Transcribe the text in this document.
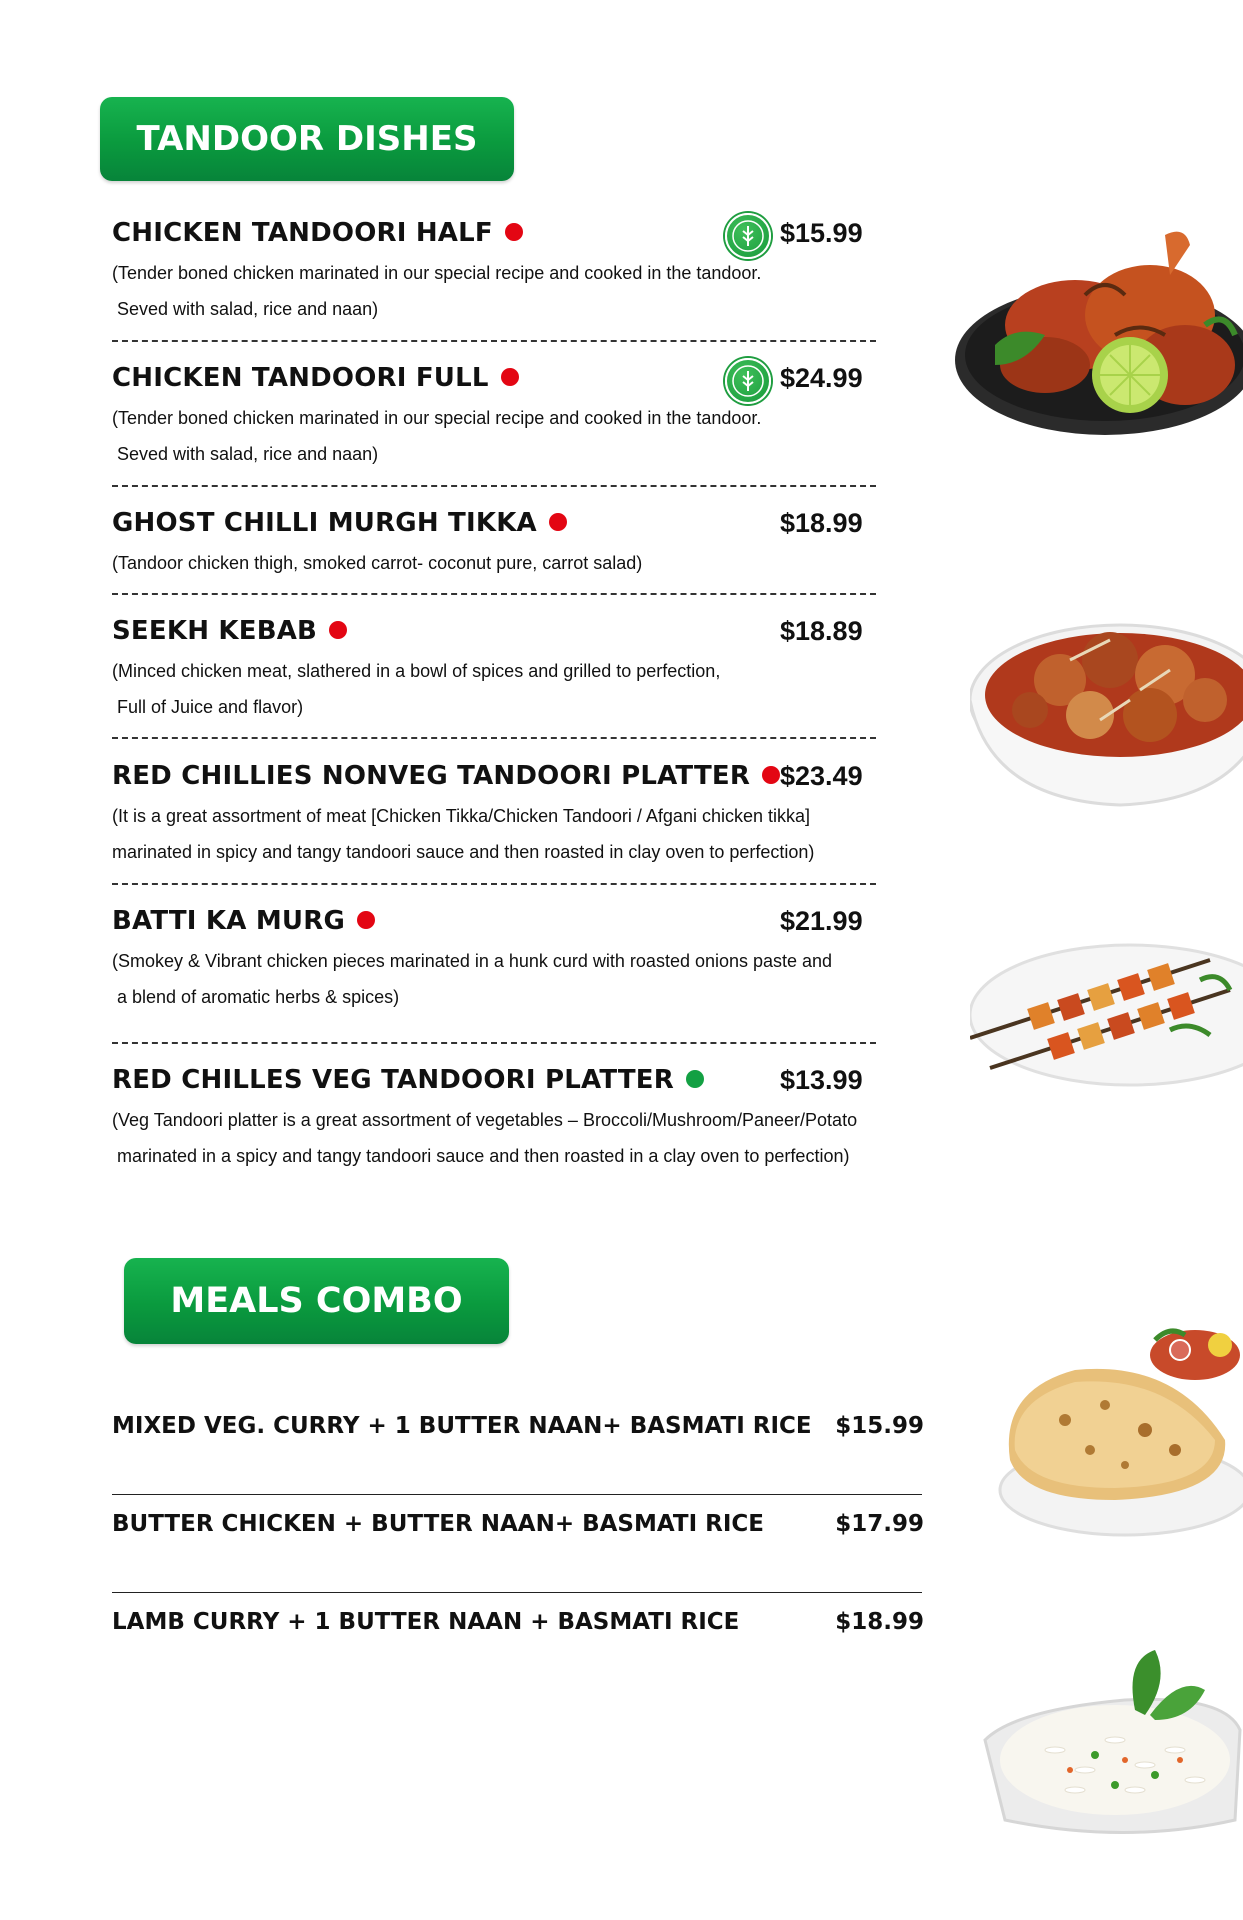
TANDOOR DISHES
CHICKEN TANDOORI HALF	$15.99
(Tender boned chicken marinated in our special recipe and cooked in the tandoor.
Seved with salad, rice and naan)
CHICKEN TANDOORI FULL	$24.99
(Tender boned chicken marinated in our special recipe and cooked in the tandoor.
Seved with salad, rice and naan)
GHOST CHILLI MURGH TIKKA	$18.99
(Tandoor chicken thigh, smoked carrot- coconut pure, carrot salad)
SEEKH KEBAB	$18.89
(Minced chicken meat, slathered in a bowl of spices and grilled to perfection,
Full of Juice and flavor)
RED CHILLIES NONVEG TANDOORI PLATTER	$23.49
(It is a great assortment of meat [Chicken Tikka/Chicken Tandoori / Afgani chicken tikka]
marinated in spicy and tangy tandoori sauce and then roasted in clay oven to perfection)
BATTI KA MURG	$21.99
(Smokey & Vibrant chicken pieces marinated in a hunk curd with roasted onions paste and
a blend of aromatic herbs & spices)
RED CHILLES VEG TANDOORI PLATTER	$13.99
(Veg Tandoori platter is a great assortment of vegetables – Broccoli/Mushroom/Paneer/Potato
marinated in a spicy and tangy tandoori sauce and then roasted in a clay oven to perfection)
MEALS COMBO
MIXED VEG. CURRY + 1 BUTTER NAAN+ BASMATI RICE $15.99
BUTTER CHICKEN + BUTTER NAAN+ BASMATI RICE	$17.99
LAMB CURRY + 1 BUTTER NAAN + BASMATI RICE	$18.99
